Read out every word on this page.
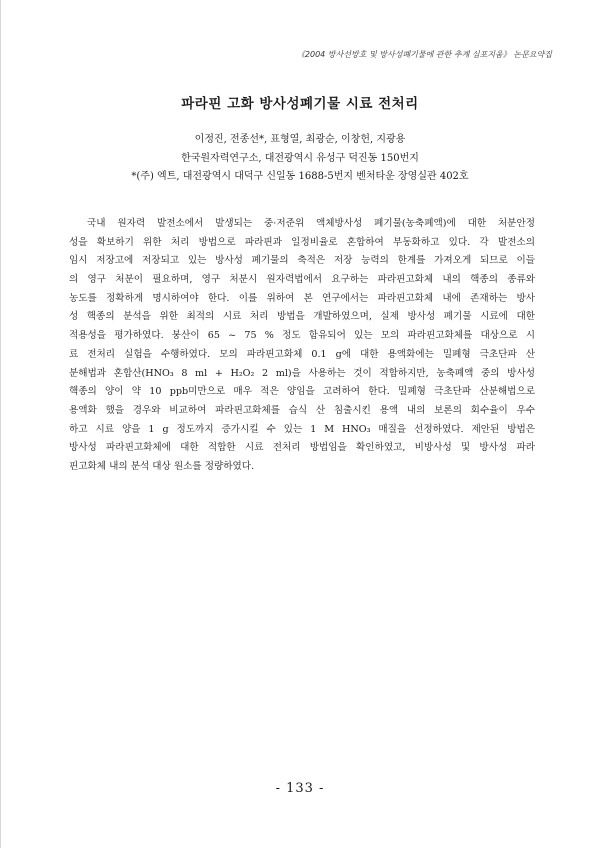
《2004 방사선방호 및 방사성폐기물에 관한 추계 심포지움》 논문요약집
파라핀 고화 방사성폐기물 시료 전처리
이정진, 전종선*, 표형열, 최광순, 이창헌, 지광용
한국원자력연구소, 대전광역시 유성구 덕진동 150번지
*(주) 엑트, 대전광역시 대덕구 신일동 1688-5번지 벤처타운 장영실관 402호
국내 원자력 발전소에서 발생되는 중·저준위 액체방사성 폐기물(농축폐액)에 대한 처분안정
성을 확보하기 위한 처리 방법으로 파라핀과 일정비율로 혼합하여 부동화하고 있다. 각 발전소의
임시 저장고에 저장되고 있는 방사성 폐기물의 축적은 저장 능력의 한계를 가져오게 되므로 이들
의 영구 처분이 필요하며, 영구 처분시 원자력법에서 요구하는 파라핀고화체 내의 핵종의 종류와
농도를 정확하게 명시하여야 한다. 이를 위하여 본 연구에서는 파라핀고화체 내에 존재하는 방사
성 핵종의 분석을 위한 최적의 시료 처리 방법을 개발하였으며, 실제 방사성 폐기물 시료에 대한
적용성을 평가하였다. 붕산이 65 ~ 75 % 정도 함유되어 있는 모의 파라핀고화체를 대상으로 시
료 전처리 실험을 수행하였다. 모의 파라핀고화체 0.1 g에 대한 용액화에는 밀폐형 극초단파 산
분해법과 혼합산(HNO₃ 8 ml + H₂O₂ 2 ml)을 사용하는 것이 적합하지만, 농축폐액 중의 방사성
핵종의 양이 약 10 ppb미만으로 매우 적은 양임을 고려하여 한다. 밀폐형 극초단파 산분해법으로
용액화 했을 경우와 비교하여 파라핀고화체를 습식 산 침출시킨 용액 내의 보론의 회수율이 우수
하고 시료 양을 1 g 정도까지 증가시킬 수 있는 1 M HNO₃ 매질을 선정하였다. 제안된 방법은
방사성 파라핀고화체에 대한 적합한 시료 전처리 방법임을 확인하였고, 비방사성 및 방사성 파라
핀고화체 내의 분석 대상 원소를 정량하였다.
- 133 -
